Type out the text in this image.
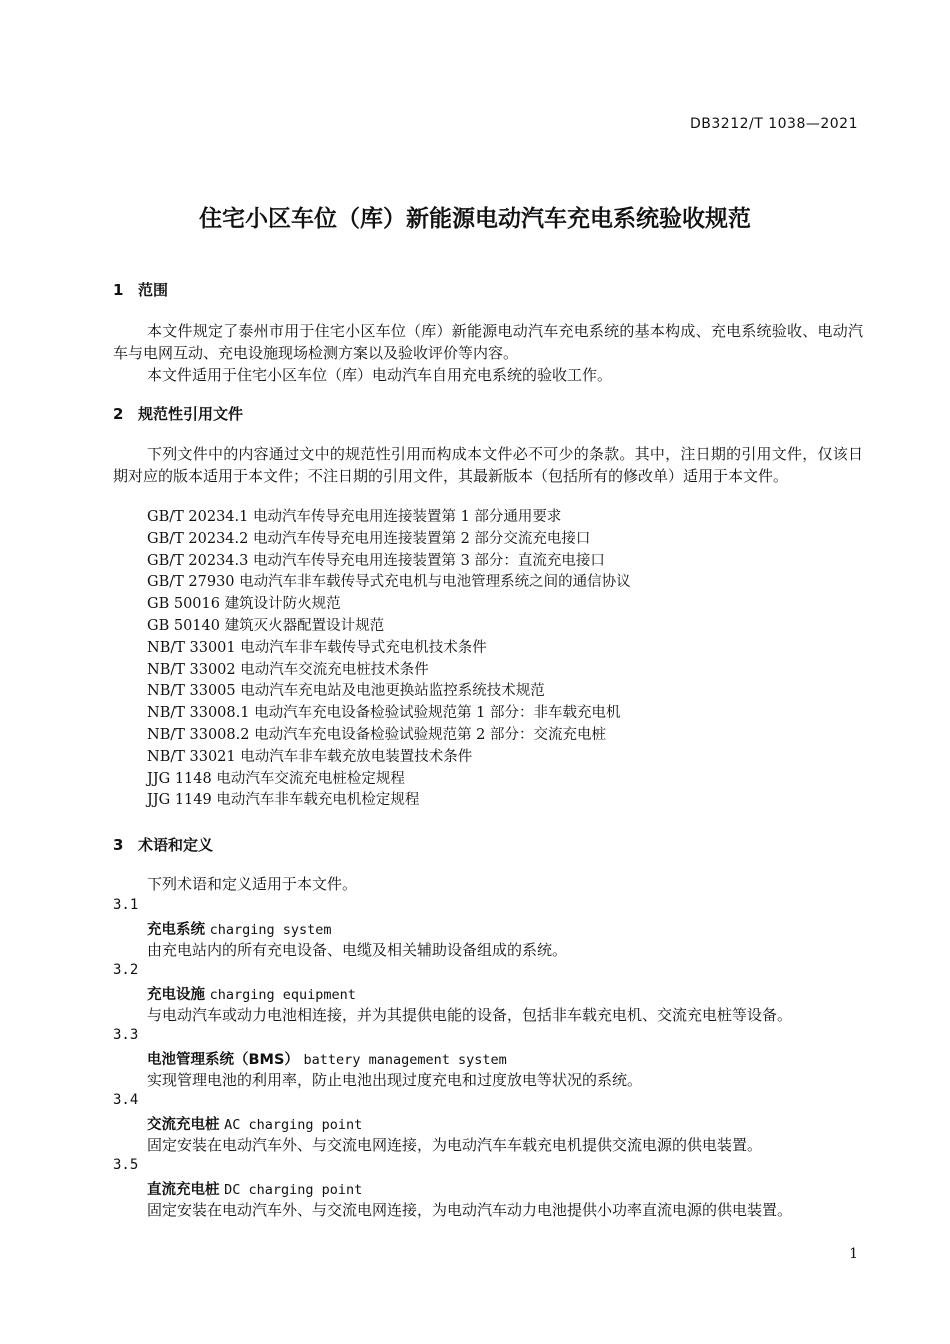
DB3212/T 1038—2021
住宅小区车位（库）新能源电动汽车充电系统验收规范
1 范围

本文件规定了泰州市用于住宅小区车位（库）新能源电动汽车充电系统的基本构成、充电系统验收、电动汽车与电网互动、充电设施现场检测方案以及验收评价等内容。

本文件适用于住宅小区车位（库）电动汽车自用充电系统的验收工作。

2 规范性引用文件

下列文件中的内容通过文中的规范性引用而构成本文件必不可少的条款。其中，注日期的引用文件，仅该日期对应的版本适用于本文件；不注日期的引用文件，其最新版本（包括所有的修改单）适用于本文件。

GB/T 20234.1 电动汽车传导充电用连接装置第 1 部分通用要求
GB/T 20234.2 电动汽车传导充电用连接装置第 2 部分交流充电接口
GB/T 20234.3 电动汽车传导充电用连接装置第 3 部分：直流充电接口
GB/T 27930 电动汽车非车载传导式充电机与电池管理系统之间的通信协议
GB 50016 建筑设计防火规范
GB 50140 建筑灭火器配置设计规范
NB/T 33001 电动汽车非车载传导式充电机技术条件
NB/T 33002 电动汽车交流充电桩技术条件
NB/T 33005 电动汽车充电站及电池更换站监控系统技术规范
NB/T 33008.1 电动汽车充电设备检验试验规范第 1 部分：非车载充电机
NB/T 33008.2 电动汽车充电设备检验试验规范第 2 部分：交流充电桩
NB/T 33021 电动汽车非车载充放电装置技术条件
JJG 1148 电动汽车交流充电桩检定规程
JJG 1149 电动汽车非车载充电机检定规程
3 术语和定义

下列术语和定义适用于本文件。

3.1
充电系统 charging system
由充电站内的所有充电设备、电缆及相关辅助设备组成的系统。
3.2
充电设施 charging equipment
与电动汽车或动力电池相连接，并为其提供电能的设备，包括非车载充电机、交流充电桩等设备。
3.3
电池管理系统（BMS） battery management system
实现管理电池的利用率，防止电池出现过度充电和过度放电等状况的系统。
3.4
交流充电桩 AC charging point
固定安装在电动汽车外、与交流电网连接，为电动汽车车载充电机提供交流电源的供电装置。
3.5
直流充电桩 DC charging point
固定安装在电动汽车外、与交流电网连接，为电动汽车动力电池提供小功率直流电源的供电装置。
1
